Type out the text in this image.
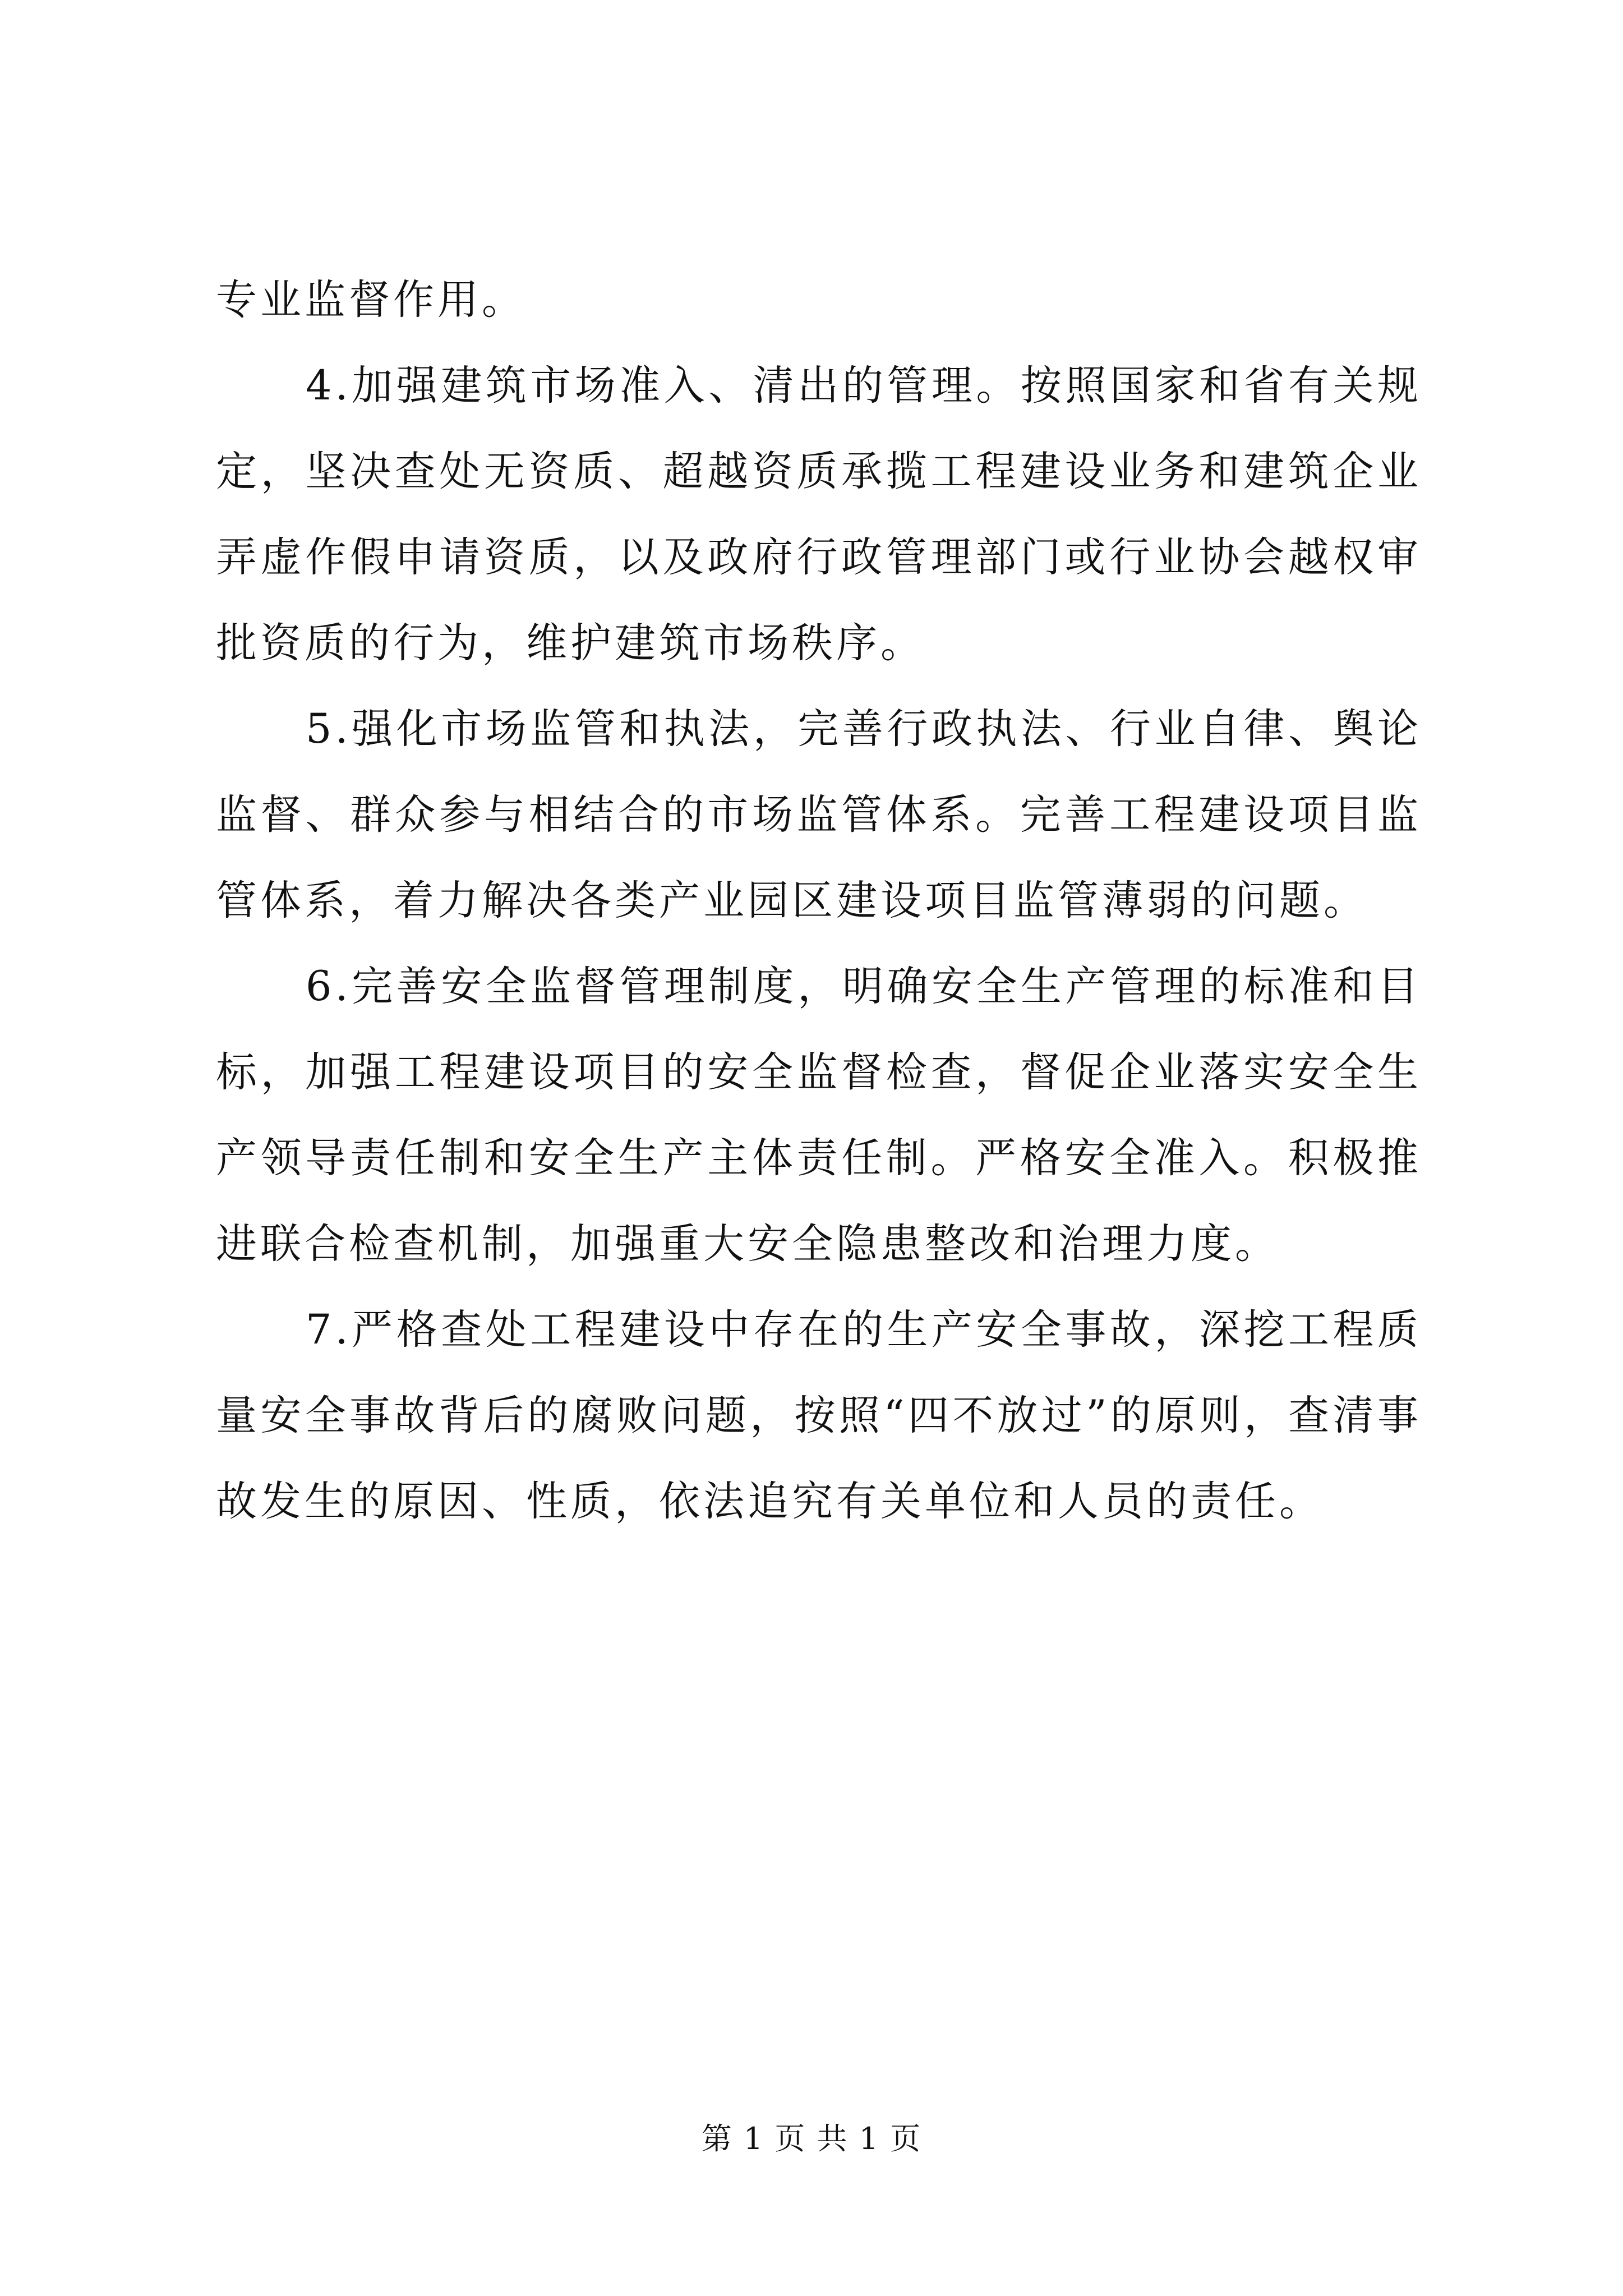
专业监督作用。

4.加强建筑市场准入、清出的管理。按照国家和省有关规定，坚决查处无资质、超越资质承揽工程建设业务和建筑企业弄虚作假申请资质，以及政府行政管理部门或行业协会越权审批资质的行为，维护建筑市场秩序。

5.强化市场监管和执法，完善行政执法、行业自律、舆论监督、群众参与相结合的市场监管体系。完善工程建设项目监管体系，着力解决各类产业园区建设项目监管薄弱的问题。

6.完善安全监督管理制度，明确安全生产管理的标准和目标，加强工程建设项目的安全监督检查，督促企业落实安全生产领导责任制和安全生产主体责任制。严格安全准入。积极推进联合检查机制，加强重大安全隐患整改和治理力度。

7.严格查处工程建设中存在的生产安全事故，深挖工程质量安全事故背后的腐败问题，按照“四不放过”的原则，查清事故发生的原因、性质，依法追究有关单位和人员的责任。

第 1 页 共 1 页
